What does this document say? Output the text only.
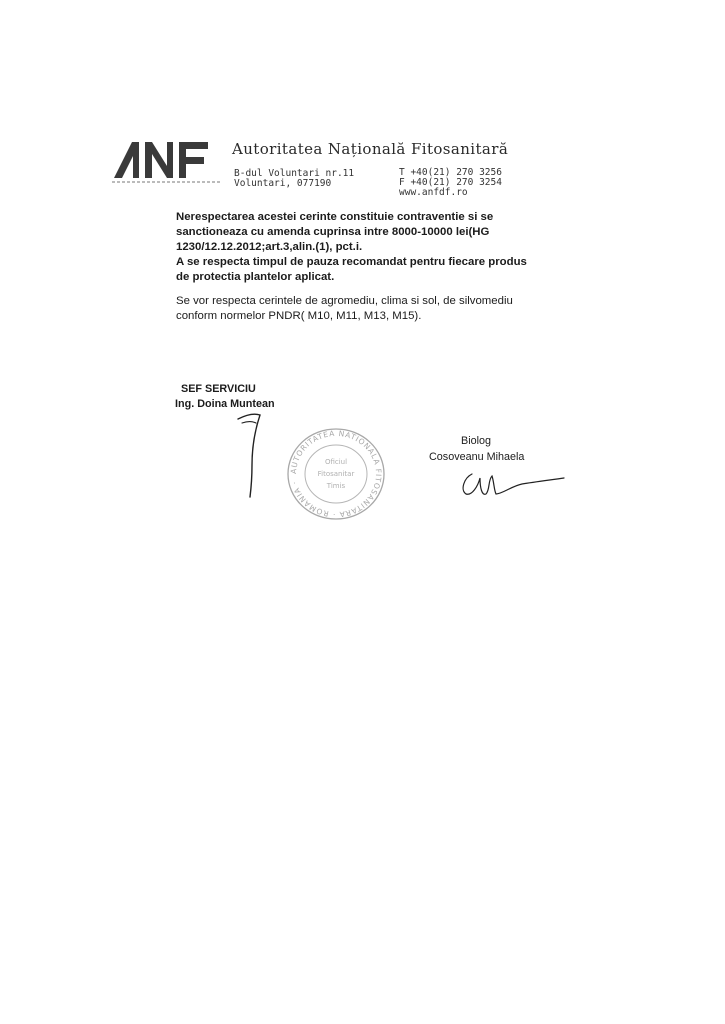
Autoritatea Națională Fitosanitară
B-dul Voluntari nr.11
Voluntari, 077190
T +40(21) 270 3256
F +40(21) 270 3254
www.anfdf.ro
Nerespectarea acestei cerinte constituie contraventie si se sanctioneaza cu amenda cuprinsa intre 8000-10000 lei(HG 1230/12.12.2012;art.3,alin.(1), pct.i.
A se respecta timpul de pauza recomandat pentru fiecare produs de protectia plantelor aplicat.
Se vor respecta cerintele de agromediu, clima si sol, de silvomediu conform normelor PNDR( M10, M11, M13, M15).
SEF SERVICIU
Ing. Doina Muntean
AUTORITATEA NATIONALA FITOSANITARA · ROMANIA ·
Oficiul
Fitosanitar
Timis
Biolog
Cosoveanu Mihaela
